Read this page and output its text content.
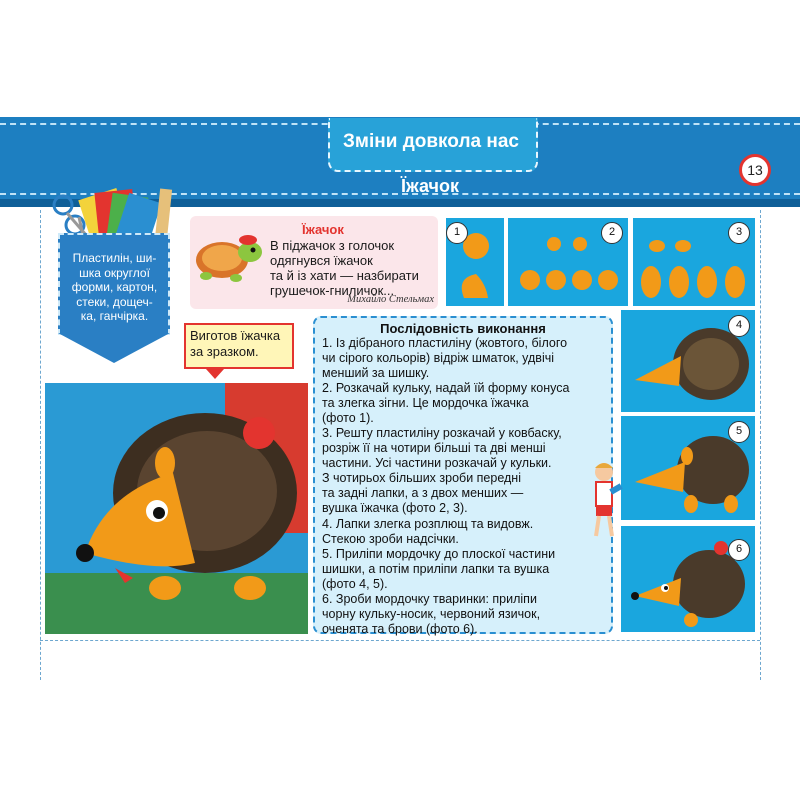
Зміни довкола нас
Їжачок
13
Пластилін, ши-
шка округлої
форми, картон,
стеки, дощеч-
ка, ганчірка.
Їжачок
В піджачок з голочок
одягнувся їжачок
та й із хати — назбирати
грушечок-гниличок...
Михайло Стельмах
1	2	3
4
5
6
Виготов їжачка
за зразком.
Послідовність виконання
1. Із дібраного пластиліну (жовтого, білого
чи сірого кольорів) відріж шматок, удвічі
менший за шишку.
2. Розкачай кульку, надай їй форму конуса
та злегка зігни. Це мордочка їжачка
(фото 1).
3. Решту пластиліну розкачай у ковбаску,
розріж її на чотири більші та дві менші
частини. Усі частини розкачай у кульки.
З чотирьох більших зроби передні
та задні лапки, а з двох менших —
вушка їжачка (фото 2, 3).
4. Лапки злегка розплющ та видовж.
Стекою зроби надсічки.
5. Приліпи мордочку до плоскої частини
шишки, а потім приліпи лапки та вушка
(фото 4, 5).
6. Зроби мордочку тваринки: приліпи
чорну кульку-носик, червоний язичок,
оченята та брови (фото 6).
